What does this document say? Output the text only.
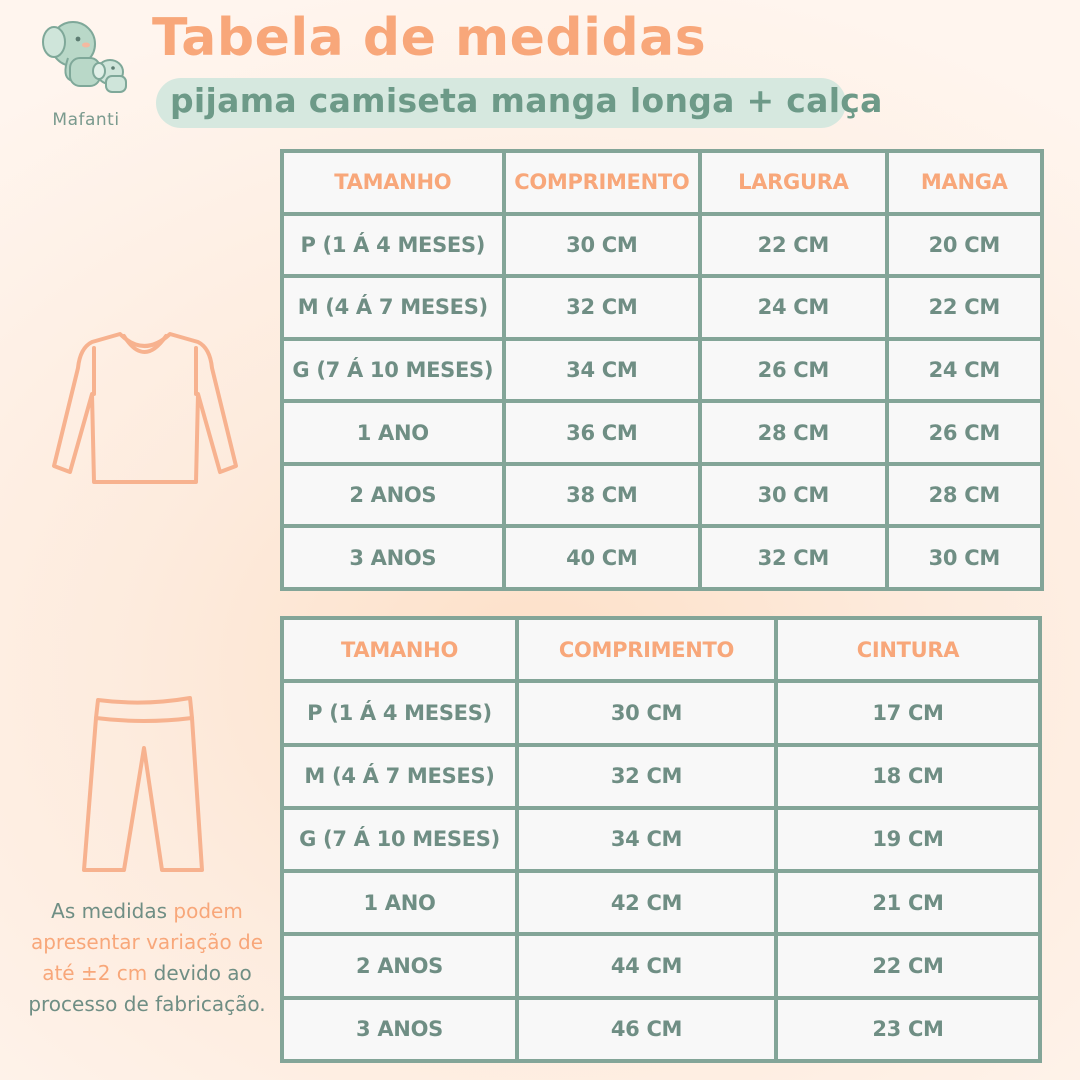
Mafanti
Tabela de medidas
pijama camiseta manga longa + calça
TAMANHO	COMPRIMENTO	LARGURA	MANGA
P (1 Á 4 MESES)	30 CM	22 CM	20 CM
M (4 Á 7 MESES)	32 CM	24 CM	22 CM
G (7 Á 10 MESES)	34 CM	26 CM	24 CM
1 ANO	36 CM	28 CM	26 CM
2 ANOS	38 CM	30 CM	28 CM
3 ANOS	40 CM	32 CM	30 CM
TAMANHO	COMPRIMENTO	CINTURA
P (1 Á 4 MESES)	30 CM	17 CM
M (4 Á 7 MESES)	32 CM	18 CM
G (7 Á 10 MESES)	34 CM	19 CM
1 ANO	42 CM	21 CM
2 ANOS	44 CM	22 CM
3 ANOS	46 CM	23 CM
As medidas podem apresentar variação de até ±2 cm devido ao processo de fabricação.
